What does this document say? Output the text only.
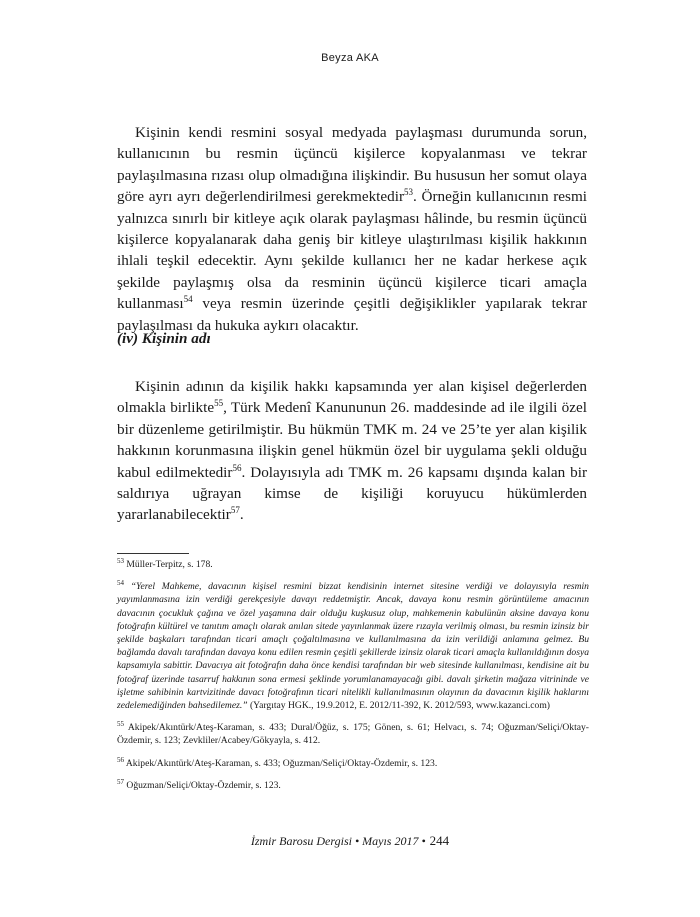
Beyza AKA

Kişinin kendi resmini sosyal medyada paylaşması durumunda sorun, kullanıcının bu resmin üçüncü kişilerce kopyalanması ve tekrar paylaşılmasına rızası olup olmadığına ilişkindir. Bu hususun her somut olaya göre ayrı ayrı değerlendirilmesi gerekmektedir$^{53}$. Örneğin kullanıcının resmi yalnızca sınırlı bir kitleye açık olarak paylaşması hâlinde, bu resmin üçüncü kişilerce kopyalanarak daha geniş bir kitleye ulaştırılması kişilik hakkının ihlali teşkil edecektir. Aynı şekilde kullanıcı her ne kadar herkese açık şekilde paylaşmış olsa da resminin üçüncü kişilerce ticari amaçla kullanması$^{54}$ veya resmin üzerinde çeşitli değişiklikler yapılarak tekrar paylaşılması da hukuka aykırı olacaktır.

(iv) Kişinin adı

Kişinin adının da kişilik hakkı kapsamında yer alan kişisel değerlerden olmakla birlikte$^{55}$, Türk Medenî Kanununun 26. maddesinde ad ile ilgili özel bir düzenleme getirilmiştir. Bu hükmün TMK m. 24 ve 25’te yer alan kişilik hakkının korunmasına ilişkin genel hükmün özel bir uygulama şekli olduğu kabul edilmektedir$^{56}$. Dolayısıyla adı TMK m. 26 kapsamı dışında kalan bir saldırıya uğrayan kimse de kişiliği koruyucu hükümlerden yararlanabilecektir$^{57}$.

$^{53}$ Müller-Terpitz, s. 178.

$^{54}$ “Yerel Mahkeme, davacının kişisel resmini bizzat kendisinin internet sitesine verdiği ve dolayısıyla resmin yayımlanmasına izin verdiği gerekçesiyle davayı reddetmiştir. Ancak, davaya konu resmin görüntüleme amacının davacının çocukluk çağına ve özel yaşamına dair olduğu kuşkusuz olup, mahkemenin kabulünün aksine davaya konu fotoğrafın kültürel ve tanıtım amaçlı olarak anılan sitede yayınlanmak üzere rızayla verilmiş olması, bu resmin izinsiz bir şekilde başkaları tarafından ticari amaçlı çoğaltılmasına ve kullanılmasına da izin verildiği anlamına gelmez. Bu bağlamda davalı tarafından davaya konu edilen resmin çeşitli şekillerde izinsiz olarak ticari amaçla kullanıldığının dosya kapsamıyla sabittir. Davacıya ait fotoğrafın daha önce kendisi tarafından bir web sitesinde kullanılması, kendisine ait bu fotoğraf üzerinde tasarruf hakkının sona ermesi şeklinde yorumlanamayacağı gibi. davalı şirketin mağaza vitrininde ve işletme sahibinin kartvizitinde davacı fotoğrafının ticari nitelikli kullanılmasının olayının da davacının kişilik haklarını zedelemediğinden bahsedilemez.” (Yargıtay HGK., 19.9.2012, E. 2012/11-392, K. 2012/593, www.kazanci.com)

$^{55}$ Akipek/Akıntürk/Ateş-Karaman, s. 433; Dural/Öğüz, s. 175; Gönen, s. 61; Helvacı, s. 74; Oğuzman/Seliçi/Oktay-Özdemir, s. 123; Zevkliler/Acabey/Gökyayla, s. 412.

$^{56}$ Akipek/Akıntürk/Ateş-Karaman, s. 433; Oğuzman/Seliçi/Oktay-Özdemir, s. 123.

$^{57}$ Oğuzman/Seliçi/Oktay-Özdemir, s. 123.

İzmir Barosu Dergisi • Mayıs 2017 • 244
